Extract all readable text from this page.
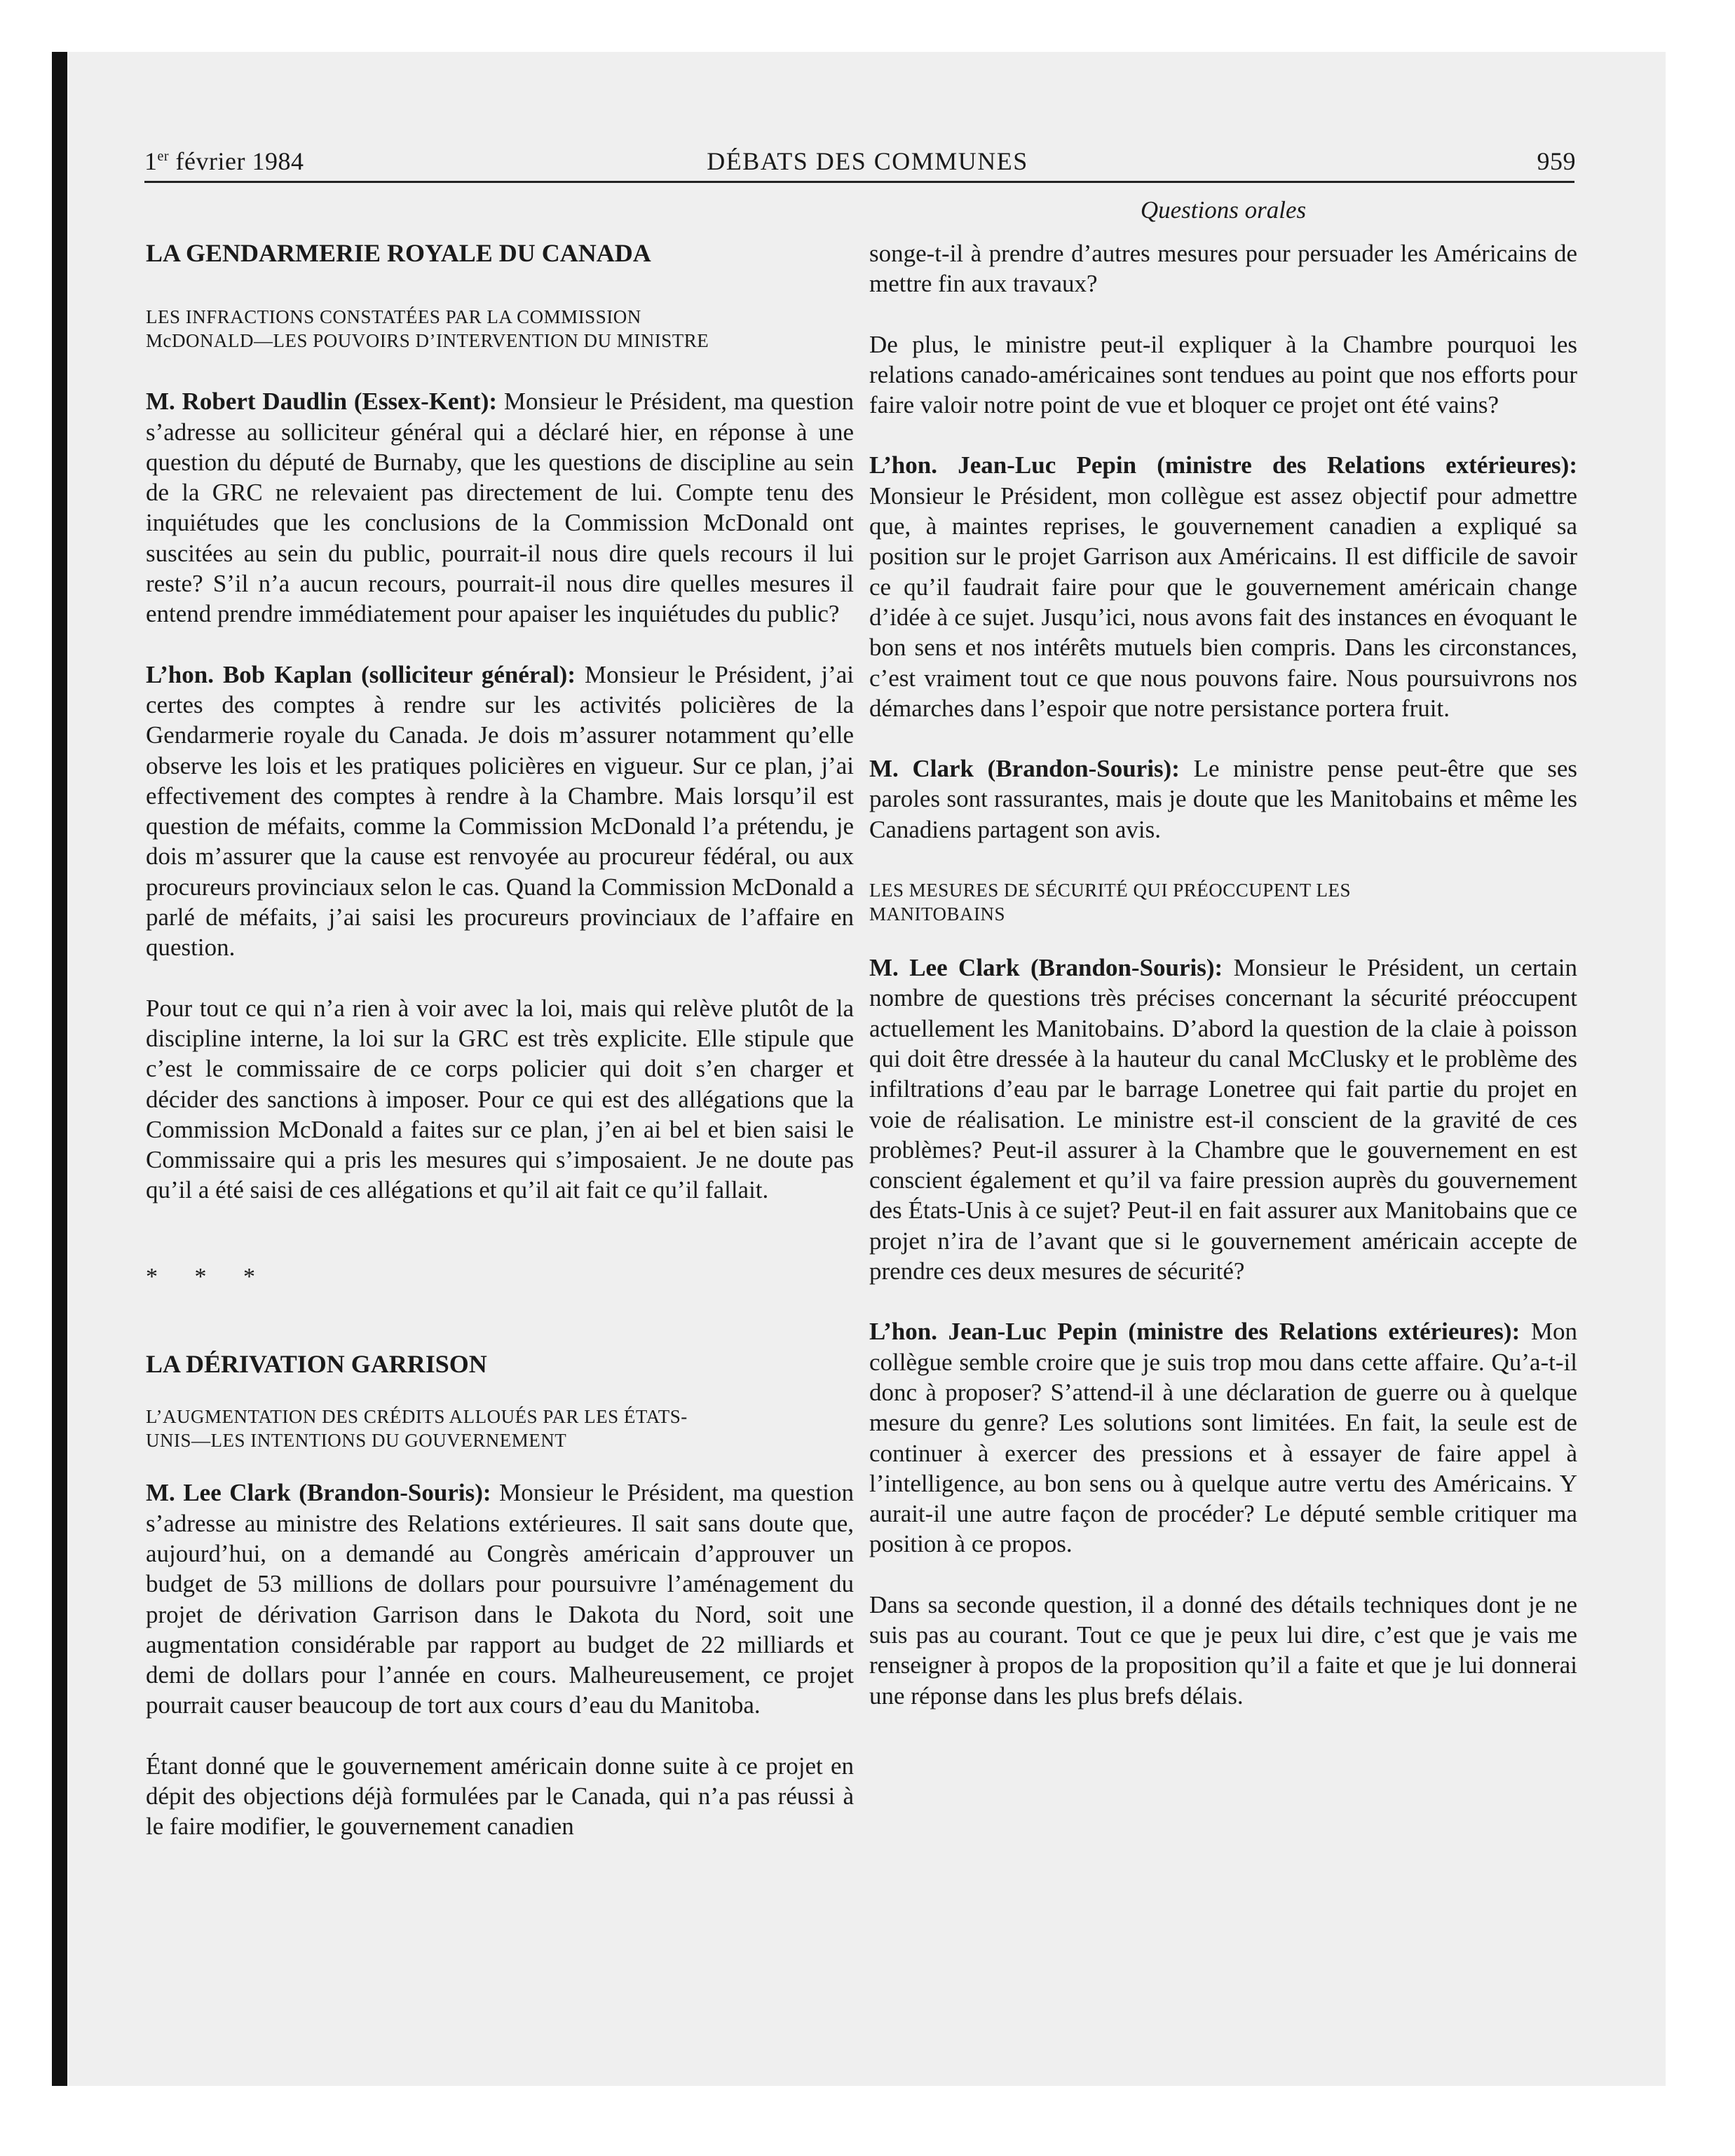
1er février 1984	DÉBATS DES COMMUNES	959
Questions orales

LA GENDARMERIE ROYALE DU CANADA

LES INFRACTIONS CONSTATÉES PAR LA COMMISSION
McDONALD—LES POUVOIRS D’INTERVENTION DU MINISTRE

M. Robert Daudlin (Essex-Kent): Monsieur le Président, ma question s’adresse au solliciteur général qui a déclaré hier, en réponse à une question du député de Burnaby, que les questions de discipline au sein de la GRC ne relevaient pas directement de lui. Compte tenu des inquiétudes que les conclusions de la Commission McDonald ont suscitées au sein du public, pourrait-il nous dire quels recours il lui reste? S’il n’a aucun recours, pourrait-il nous dire quelles mesures il entend prendre immédiatement pour apaiser les inquiétudes du public?

L’hon. Bob Kaplan (solliciteur général): Monsieur le Président, j’ai certes des comptes à rendre sur les activités policières de la Gendarmerie royale du Canada. Je dois m’assurer notamment qu’elle observe les lois et les pratiques policières en vigueur. Sur ce plan, j’ai effectivement des comptes à rendre à la Chambre. Mais lorsqu’il est question de méfaits, comme la Commission McDonald l’a prétendu, je dois m’assurer que la cause est renvoyée au procureur fédéral, ou aux procureurs provinciaux selon le cas. Quand la Commission McDonald a parlé de méfaits, j’ai saisi les procureurs provinciaux de l’affaire en question.

Pour tout ce qui n’a rien à voir avec la loi, mais qui relève plutôt de la discipline interne, la loi sur la GRC est très explicite. Elle stipule que c’est le commissaire de ce corps policier qui doit s’en charger et décider des sanctions à imposer. Pour ce qui est des allégations que la Commission McDonald a faites sur ce plan, j’en ai bel et bien saisi le Commissaire qui a pris les mesures qui s’imposaient. Je ne doute pas qu’il a été saisi de ces allégations et qu’il ait fait ce qu’il fallait.

* * *

LA DÉRIVATION GARRISON

L’AUGMENTATION DES CRÉDITS ALLOUÉS PAR LES ÉTATS-
UNIS—LES INTENTIONS DU GOUVERNEMENT

M. Lee Clark (Brandon-Souris): Monsieur le Président, ma question s’adresse au ministre des Relations extérieures. Il sait sans doute que, aujourd’hui, on a demandé au Congrès américain d’approuver un budget de 53 millions de dollars pour poursuivre l’aménagement du projet de dérivation Garrison dans le Dakota du Nord, soit une augmentation considérable par rapport au budget de 22 milliards et demi de dollars pour l’année en cours. Malheureusement, ce projet pourrait causer beaucoup de tort aux cours d’eau du Manitoba.

Étant donné que le gouvernement américain donne suite à ce projet en dépit des objections déjà formulées par le Canada, qui n’a pas réussi à le faire modifier, le gouvernement canadien

songe-t-il à prendre d’autres mesures pour persuader les Américains de mettre fin aux travaux?

De plus, le ministre peut-il expliquer à la Chambre pourquoi les relations canado-américaines sont tendues au point que nos efforts pour faire valoir notre point de vue et bloquer ce projet ont été vains?

L’hon. Jean-Luc Pepin (ministre des Relations extérieures): Monsieur le Président, mon collègue est assez objectif pour admettre que, à maintes reprises, le gouvernement canadien a expliqué sa position sur le projet Garrison aux Américains. Il est difficile de savoir ce qu’il faudrait faire pour que le gouvernement américain change d’idée à ce sujet. Jusqu’ici, nous avons fait des instances en évoquant le bon sens et nos intérêts mutuels bien compris. Dans les circonstances, c’est vraiment tout ce que nous pouvons faire. Nous poursuivrons nos démarches dans l’espoir que notre persistance portera fruit.

M. Clark (Brandon-Souris): Le ministre pense peut-être que ses paroles sont rassurantes, mais je doute que les Manitobains et même les Canadiens partagent son avis.

LES MESURES DE SÉCURITÉ QUI PRÉOCCUPENT LES
MANITOBAINS

M. Lee Clark (Brandon-Souris): Monsieur le Président, un certain nombre de questions très précises concernant la sécurité préoccupent actuellement les Manitobains. D’abord la question de la claie à poisson qui doit être dressée à la hauteur du canal McClusky et le problème des infiltrations d’eau par le barrage Lonetree qui fait partie du projet en voie de réalisation. Le ministre est-il conscient de la gravité de ces problèmes? Peut-il assurer à la Chambre que le gouvernement en est conscient également et qu’il va faire pression auprès du gouvernement des États-Unis à ce sujet? Peut-il en fait assurer aux Manitobains que ce projet n’ira de l’avant que si le gouvernement américain accepte de prendre ces deux mesures de sécurité?

L’hon. Jean-Luc Pepin (ministre des Relations extérieures): Mon collègue semble croire que je suis trop mou dans cette affaire. Qu’a-t-il donc à proposer? S’attend-il à une déclaration de guerre ou à quelque mesure du genre? Les solutions sont limitées. En fait, la seule est de continuer à exercer des pressions et à essayer de faire appel à l’intelligence, au bon sens ou à quelque autre vertu des Américains. Y aurait-il une autre façon de procéder? Le député semble critiquer ma position à ce propos.

Dans sa seconde question, il a donné des détails techniques dont je ne suis pas au courant. Tout ce que je peux lui dire, c’est que je vais me renseigner à propos de la proposition qu’il a faite et que je lui donnerai une réponse dans les plus brefs délais.
